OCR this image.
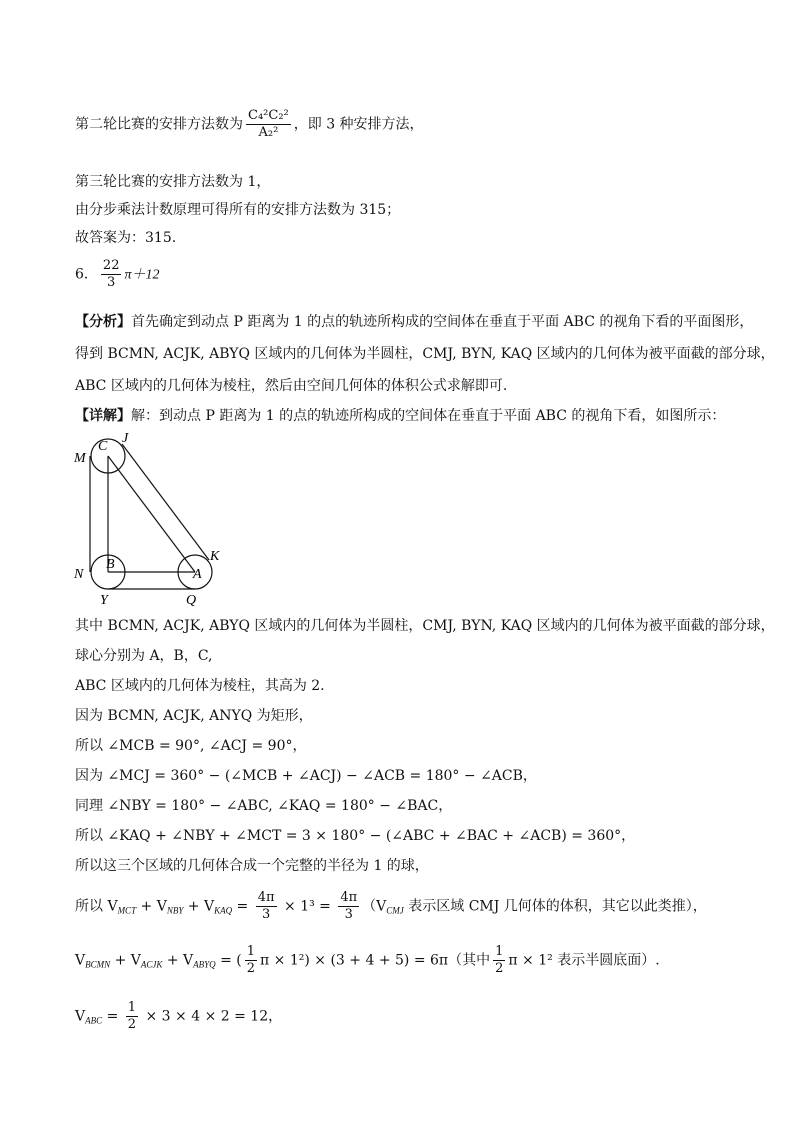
第二轮比赛的安排方法数为 $\frac{\text{C₄²C₂²}}{\text{A₂²}}$ ，即 3 种安排方法，
第三轮比赛的安排方法数为 1，
由分步乘法计数原理可得所有的安排方法数为 315；
故答案为：315.
6． $\frac{22}{3} \pi+12$
【分析】首先确定到动点 P 距离为 1 的点的轨迹所构成的空间体在垂直于平面 ABC 的视角下看的平面图形，
得到 BCMN, ACJK, ABYQ 区域内的几何体为半圆柱，CMJ, BYN, KAQ 区域内的几何体为被平面截的部分球，
ABC 区域内的几何体为棱柱，然后由空间几何体的体积公式求解即可.
【详解】解：到动点 P 距离为 1 的点的轨迹所构成的空间体在垂直于平面 ABC 的视角下看，如图所示：
C
J
M
B
N	A
K
Y	Q
其中 BCMN, ACJK, ABYQ 区域内的几何体为半圆柱，CMJ, BYN, KAQ 区域内的几何体为被平面截的部分球，
球心分别为 A，B，C,
ABC 区域内的几何体为棱柱，其高为 2.
因为 BCMN, ACJK, ANYQ 为矩形，
所以 ∠MCB = 90°, ∠ACJ = 90°，
因为 ∠MCJ = 360° − (∠MCB + ∠ACJ) − ∠ACB = 180° − ∠ACB，
同理 ∠NBY = 180° − ∠ABC, ∠KAQ = 180° − ∠BAC，
所以 ∠KAQ + ∠NBY + ∠MCT = 3 × 180° − (∠ABC + ∠BAC + ∠ACB) = 360°，
所以这三个区域的几何体合成一个完整的半径为 1 的球，
所以 $V_{MCT} + V_{NBY} + V_{KAQ} = \frac{4\pi}{3} \times 1^3 = \frac{4\pi}{3} (V_{CMJ}$ 表示区域 CMJ 几何体的体积，其它以此类推），
$V_{BCMN} + V_{ACJK} + V_{ABYQ}$ = ( $\frac{1}{2}$ π × 1²) × (3 + 4 + 5) = 6π（其中 $\frac{1}{2}$ π × 1² 表示半圆底面）.
$V_{ABC} = \frac{1}{2} \times 3 \times 4 \times 2 = 12$，
